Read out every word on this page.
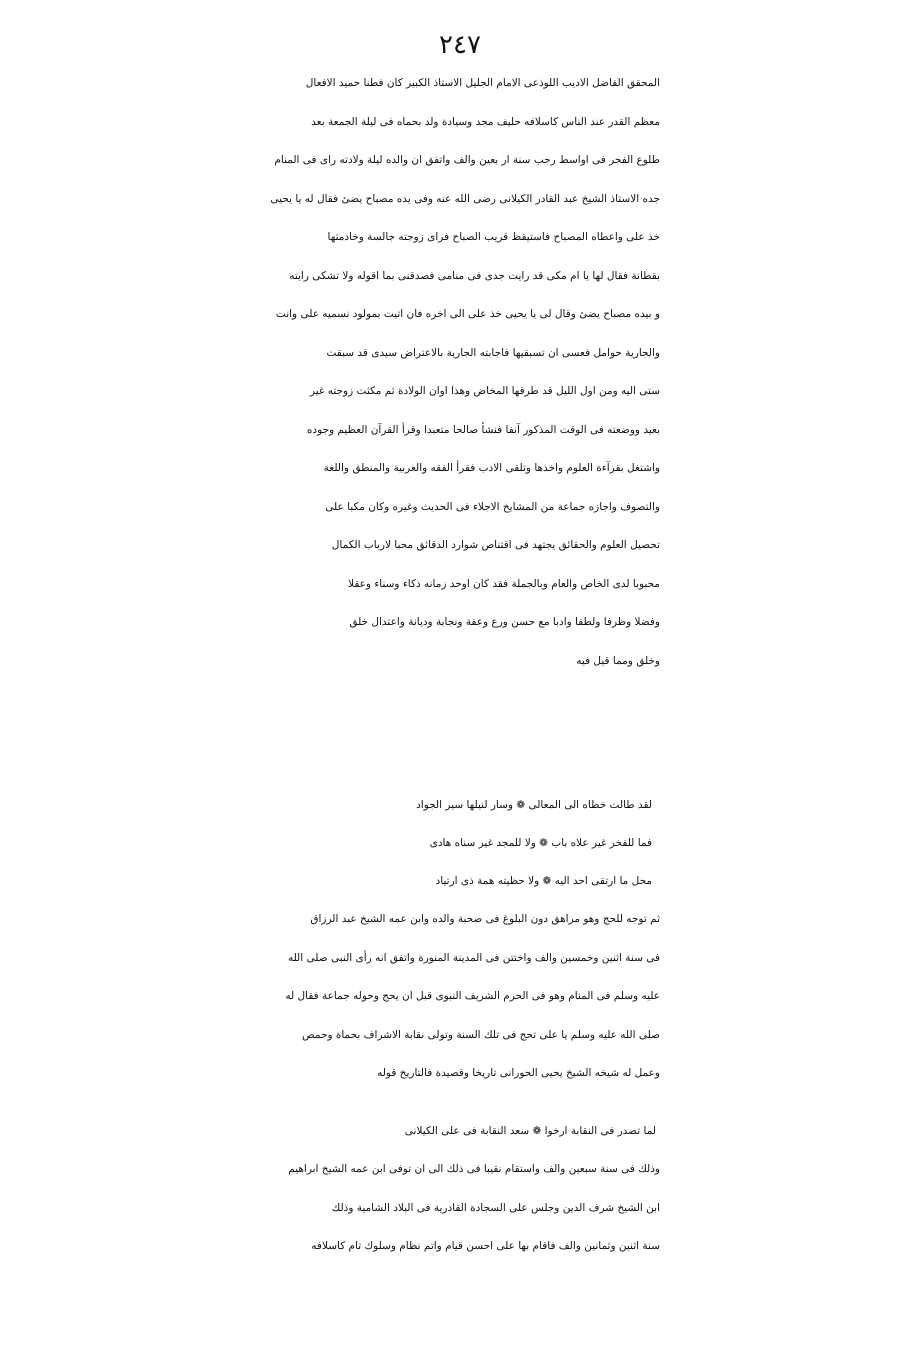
٢٤٧
المحقق الفاضل الاديب اللوذعى الامام الجليل الاستاذ الكبير كان فطنا حميد الافعال
معظم القدر عند الناس كاسلافه حليف مجد وسيادة ولد بحماه فى ليلة الجمعة بعد
طلوع الفجر فى اواسط رجب سنة ار بعين والف واتفق ان والده ليلة ولادته راى فى المنام
جده الاستاذ الشيخ عبد القادر الكيلانى رضى الله عنه وفى يده مصباح يضئ فقال له يا يحيى
خذ على واعطاه المصباح فاستيقظ قريب الصباح فراى زوجته جالسة وخادمتها
بقطانة فقال لها يا ام مكى قد رايت جدى فى منامى فصدقنى بما اقوله ولا تشكى رايته
و بيده مصباح يضئ وقال لى يا يحيى خذ على الى اخره فان اتيت بمولود نسميه على وانت
والجارية حوامل فعسى ان تسبقيها فاجابته الجارية بالاعتراض سيدى قد سبقت
ستى اليه ومن اول الليل قد طرقها المخاض وهذا اوان الولادة ثم مكثت زوجته غير
بعيد ووضعته فى الوقت المذكور آنفا فنشأ صالحا متعبدا وقرأ القرآن العظيم وجوده
واشتغل بقرآءة العلوم واخذها وتلقى الادب فقرأ الفقه والعربية والمنطق واللغة
والتصوف واجازه جماعة من المشايخ الاجلاء فى الحديث وغيره وكان مكبا على
تحصيل العلوم والحقائق يجتهد فى اقتناص شوارد الدقائق محبا لارباب الكمال
محبوبا لدى الخاص والعام وبالجملة فقد كان اوحد زمانه ذكاء وسناء وعقلا
وفضلا وظرفا ولطفا وادبا مع حسن ورع وعفة ونجابة وديانة واعتدال خلق
وخلق ومما قيل فيه
لقد طالت خطاه الى المعالى ❁ وسار لنيلها سير الجواد
فما للفخر غير علاه باب ❁ ولا للمجد غير سناه هادى
محل ما ارتقى احد اليه ❁ ولا حظيته همة ذى ارتياد
ثم توجه للحج وهو مراهق دون البلوغ فى صحبة والده وابن عمه الشيخ عبد الرزاق
فى سنة اثنين وخمسين والف واختتن فى المدينة المنورة واتفق انه رأى النبى صلى الله
عليه وسلم فى المنام وهو فى الحرم الشريف النبوى قبل ان يحج وحوله جماعة فقال له
صلى الله عليه وسلم يا على تحج فى تلك السنة وتولى نقابة الاشراف بحماة وحمص
وعمل له شيخه الشيخ يحيى الحورانى تاريخا وقصيدة فالتاريخ قوله
لما تصدر فى النقابة ارخوا ❁ سعد النقابة فى على الكيلانى
وذلك فى سنة سبعين والف واستقام نقيبا فى ذلك الى ان توفى ابن عمه الشيخ ابراهيم
ابن الشيخ شرف الدين وجلس على السجادة القادرية فى البلاد الشامية وذلك
سنة اثنين وثمانين والف فاقام بها على احسن قيام واتم نظام وسلوك تام كاسلافه
